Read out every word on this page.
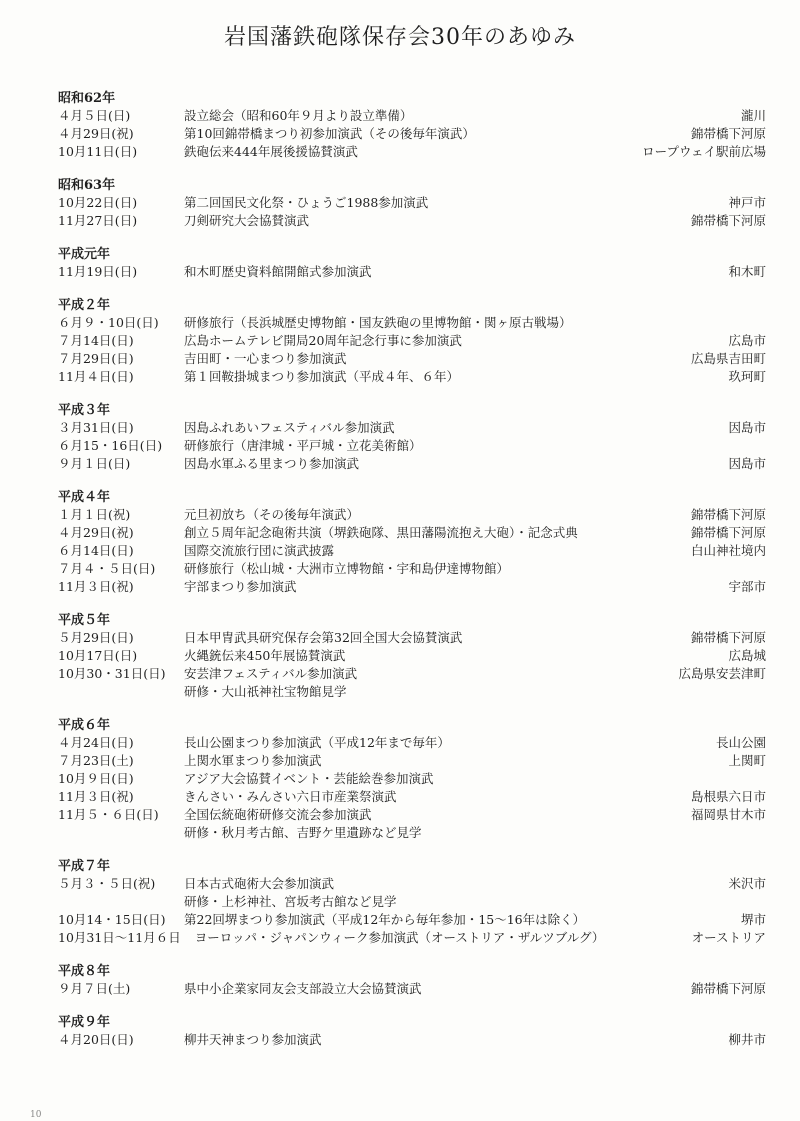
岩国藩鉄砲隊保存会30年のあゆみ
昭和62年
４月５日(日)	設立総会（昭和60年９月より設立準備）	瀧川
４月29日(祝)	第10回錦帯橋まつり初参加演武（その後毎年演武）	錦帯橋下河原
10月11日(日)	鉄砲伝来444年展後援協賛演武	ロープウェイ駅前広場
昭和63年
10月22日(日)	第二回国民文化祭・ひょうご1988参加演武	神戸市
11月27日(日)	刀剣研究大会協賛演武	錦帯橋下河原
平成元年
11月19日(日)	和木町歴史資料館開館式参加演武	和木町
平成２年
６月９・10日(日)	研修旅行（長浜城歴史博物館・国友鉄砲の里博物館・関ヶ原古戦場）
７月14日(日)	広島ホームテレビ開局20周年記念行事に参加演武	広島市
７月29日(日)	吉田町・一心まつり参加演武	広島県吉田町
11月４日(日)	第１回鞍掛城まつり参加演武（平成４年、６年）	玖珂町
平成３年
３月31日(日)	因島ふれあいフェスティバル参加演武	因島市
６月15・16日(日)	研修旅行（唐津城・平戸城・立花美術館）
９月１日(日)	因島水軍ふる里まつり参加演武	因島市
平成４年
１月１日(祝)	元旦初放ち（その後毎年演武）	錦帯橋下河原
４月29日(祝)	創立５周年記念砲術共演（堺鉄砲隊、黒田藩陽流抱え大砲）・記念式典	錦帯橋下河原
６月14日(日)	国際交流旅行団に演武披露	白山神社境内
７月４・５日(日)	研修旅行（松山城・大洲市立博物館・宇和島伊達博物館）
11月３日(祝)	宇部まつり参加演武	宇部市
平成５年
５月29日(日)	日本甲冑武具研究保存会第32回全国大会協賛演武	錦帯橋下河原
10月17日(日)	火縄銃伝来450年展協賛演武	広島城
10月30・31日(日)	安芸津フェスティバル参加演武	広島県安芸津町
研修・大山祇神社宝物館見学
平成６年
４月24日(日)	長山公園まつり参加演武（平成12年まで毎年）	長山公園
７月23日(土)	上関水軍まつり参加演武	上関町
10月９日(日)	アジア大会協賛イベント・芸能絵巻参加演武
11月３日(祝)	きんさい・みんさい六日市産業祭演武	島根県六日市
11月５・６日(日)	全国伝統砲術研修交流会参加演武	福岡県甘木市
研修・秋月考古館、吉野ケ里遺跡など見学
平成７年
５月３・５日(祝)	日本古式砲術大会参加演武	米沢市
研修・上杉神社、宮坂考古館など見学
10月14・15日(日)	第22回堺まつり参加演武（平成12年から毎年参加・15～16年は除く）	堺市
10月31日～11月６日	ヨーロッパ・ジャパンウィーク参加演武（オーストリア・ザルツブルグ）	オーストリア
平成８年
９月７日(土)	県中小企業家同友会支部設立大会協賛演武	錦帯橋下河原
平成９年
４月20日(日)	柳井天神まつり参加演武	柳井市
10
